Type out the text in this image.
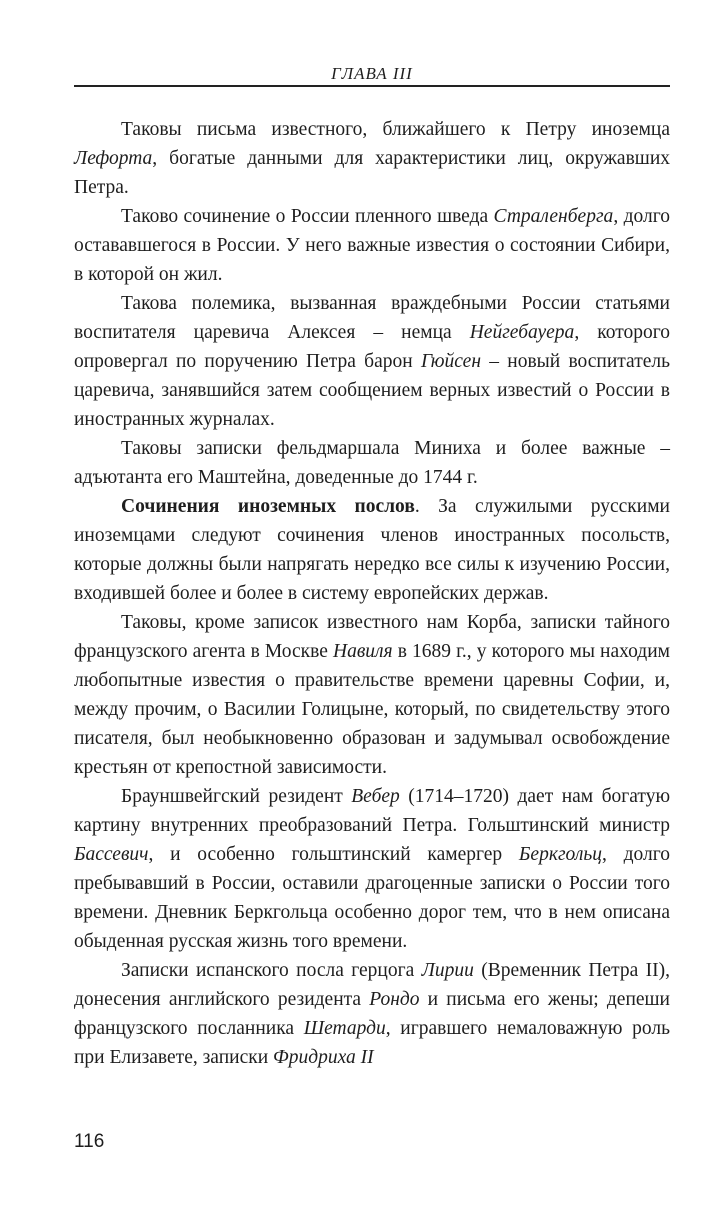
ГЛАВА III

Таковы письма известного, ближайшего к Петру иноземца Лефорта, богатые данными для характеристики лиц, окружавших Петра.

Таково сочинение о России пленного шведа Страленберга, долго остававшегося в России. У него важные известия о состоянии Сибири, в которой он жил.

Такова полемика, вызванная враждебными России статьями воспитателя царевича Алексея – немца Нейгебауера, которого опровергал по поручению Петра барон Гюйсен – новый воспитатель царевича, занявшийся затем сообщением верных известий о России в иностранных журналах.

Таковы записки фельдмаршала Миниха и более важные – адъютанта его Маштейна, доведенные до 1744 г.

Сочинения иноземных послов. За служилыми русскими иноземцами следуют сочинения членов иностранных посольств, которые должны были напрягать нередко все силы к изучению России, входившей более и более в систему европейских держав.

Таковы, кроме записок известного нам Корба, записки тайного французского агента в Москве Навиля в 1689 г., у которого мы находим любопытные известия о правительстве времени царевны Софии, и, между прочим, о Василии Голицыне, который, по свидетельству этого писателя, был необыкновенно образован и задумывал освобождение крестьян от крепостной зависимости.

Брауншвейгский резидент Вебер (1714–1720) дает нам богатую картину внутренних преобразований Петра. Гольштинский министр Бассевич, и особенно гольштинский камергер Беркгольц, долго пребывавший в России, оставили драгоценные записки о России того времени. Дневник Беркгольца особенно дорог тем, что в нем описана обыденная русская жизнь того времени.

Записки испанского посла герцога Лирии (Временник Петра II), донесения английского резидента Рондо и письма его жены; депеши французского посланника Шетарди, игравшего немаловажную роль при Елизавете, записки Фридриха II

116
